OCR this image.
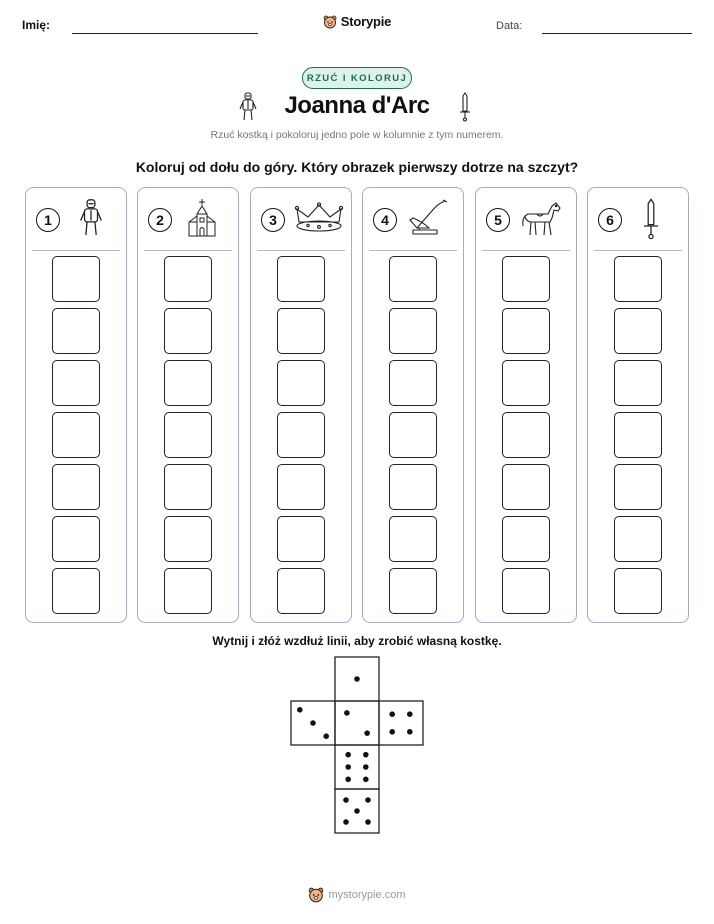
Imię:	Storypie	Data:
RZUĆ I KOLORUJ
Joanna d'Arc
Rzuć kostką i pokoloruj jedno pole w kolumnie z tym numerem.
Koloruj od dołu do góry. Który obrazek pierwszy dotrze na szczyt?
1	2	3	4	5	6
Wytnij i złóż wzdłuż linii, aby zrobić własną kostkę.
mystorypie.com
